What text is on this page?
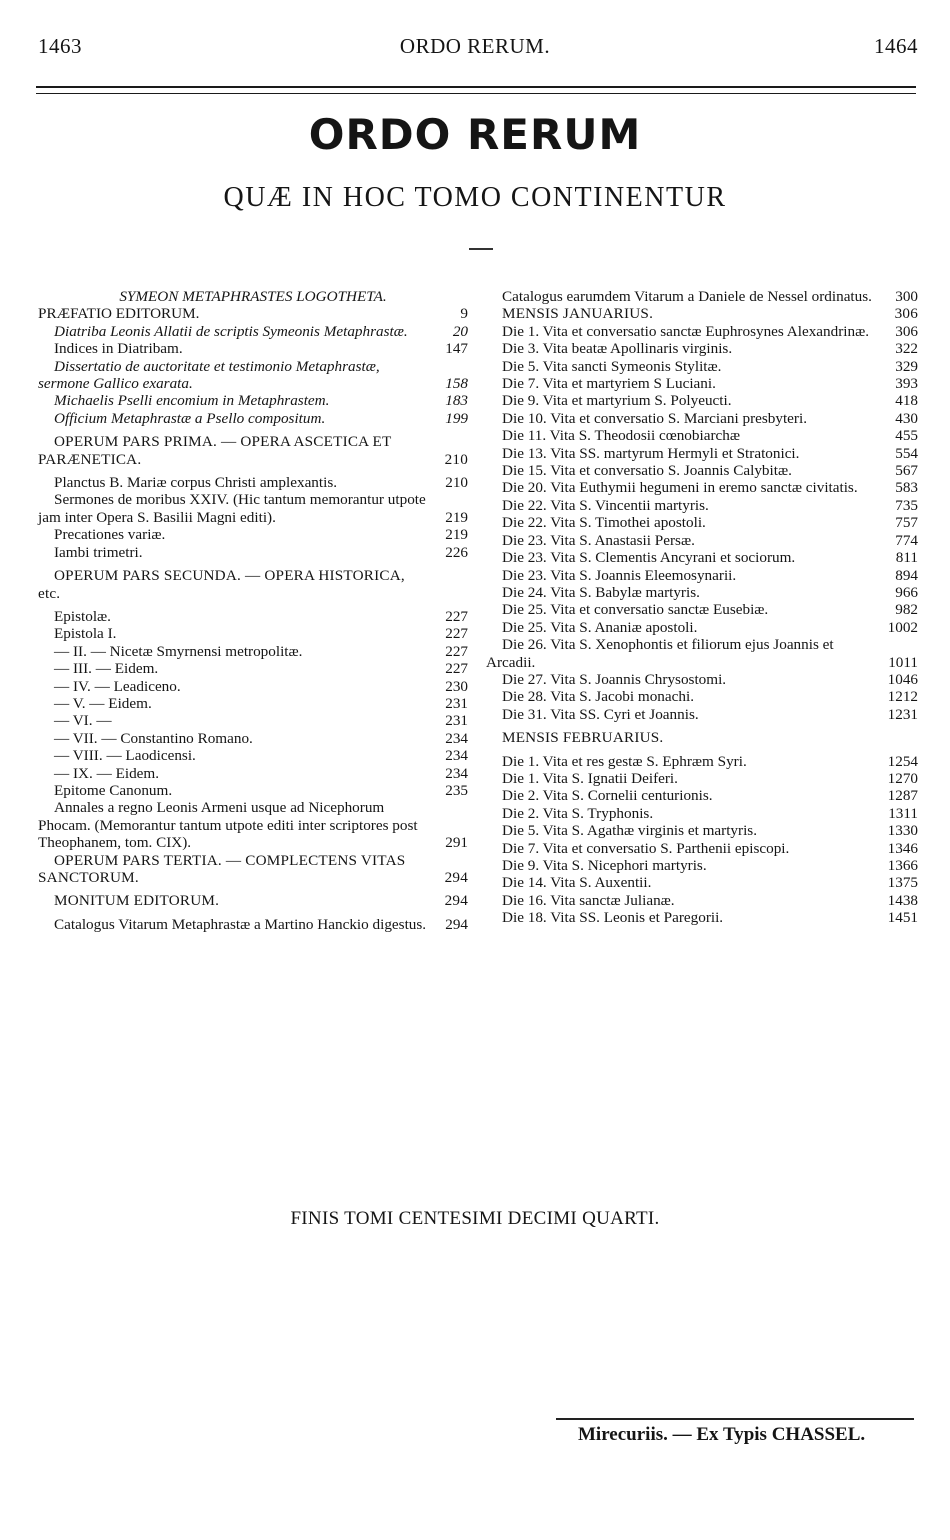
1463	ORDO RERUM.	1464
ORDO RERUM
QUÆ IN HOC TOMO CONTINENTUR
SYMEON METAPHRASTES LOGOTHETA.
PRÆFATIO EDITORUM.	9
Diatriba Leonis Allatii de scriptis Symeonis Metaphrastæ.	20
Indices in Diatribam.	147
Dissertatio de auctoritate et testimonio Metaphrastæ, sermone Gallico exarata.	158
Michaelis Pselli encomium in Metaphrastem.	183
Officium Metaphrastæ a Psello compositum.	199
OPERUM PARS PRIMA. — OPERA ASCETICA ET PARÆNETICA.	210
Planctus B. Mariæ corpus Christi amplexantis.	210
Sermones de moribus XXIV. (Hic tantum memorantur utpote jam inter Opera S. Basilii Magni editi).	219
Precationes variæ.	219
Iambi trimetri.	226
OPERUM PARS SECUNDA. — OPERA HISTORICA, etc.
Epistolæ.	227
Epistola I.	227
— II. — Nicetæ Smyrnensi metropolitæ.	227
— III. — Eidem.	227
— IV. — Leadiceno.	230
— V. — Eidem.	231
— VI. —	231
— VII. — Constantino Romano.	234
— VIII. — Laodicensi.	234
— IX. — Eidem.	234
Epitome Canonum.	235
Annales a regno Leonis Armeni usque ad Nicephorum Phocam. (Memorantur tantum utpote editi inter scriptores post Theophanem, tom. CIX).	291
OPERUM PARS TERTIA. — COMPLECTENS VITAS SANCTORUM.	294
MONITUM EDITORUM.	294
Catalogus Vitarum Metaphrastæ a Martino Hanckio digestus.	294
Catalogus earumdem Vitarum a Daniele de Nessel ordinatus.	300
MENSIS JANUARIUS.	306
Die 1. Vita et conversatio sanctæ Euphrosynes Alexandrinæ.	306
Die 3. Vita beatæ Apollinaris virginis.	322
Die 5. Vita sancti Symeonis Stylitæ.	329
Die 7. Vita et martyriem S Luciani.	393
Die 9. Vita et martyrium S. Polyeucti.	418
Die 10. Vita et conversatio S. Marciani presbyteri.	430
Die 11. Vita S. Theodosii cœnobiarchæ	455
Die 13. Vita SS. martyrum Hermyli et Stratonici.	554
Die 15. Vita et conversatio S. Joannis Calybitæ.	567
Die 20. Vita Euthymii hegumeni in eremo sanctæ civitatis.	583
Die 22. Vita S. Vincentii martyris.	735
Die 22. Vita S. Timothei apostoli.	757
Die 23. Vita S. Anastasii Persæ.	774
Die 23. Vita S. Clementis Ancyrani et sociorum.	811
Die 23. Vita S. Joannis Eleemosynarii.	894
Die 24. Vita S. Babylæ martyris.	966
Die 25. Vita et conversatio sanctæ Eusebiæ.	982
Die 25. Vita S. Ananiæ apostoli.	1002
Die 26. Vita S. Xenophontis et filiorum ejus Joannis et Arcadii.	1011
Die 27. Vita S. Joannis Chrysostomi.	1046
Die 28. Vita S. Jacobi monachi.	1212
Die 31. Vita SS. Cyri et Joannis.	1231
MENSIS FEBRUARIUS.
Die 1. Vita et res gestæ S. Ephræm Syri.	1254
Die 1. Vita S. Ignatii Deiferi.	1270
Die 2. Vita S. Cornelii centurionis.	1287
Die 2. Vita S. Tryphonis.	1311
Die 5. Vita S. Agathæ virginis et martyris.	1330
Die 7. Vita et conversatio S. Parthenii episcopi.	1346
Die 9. Vita S. Nicephori martyris.	1366
Die 14. Vita S. Auxentii.	1375
Die 16. Vita sanctæ Julianæ.	1438
Die 18. Vita SS. Leonis et Paregorii.	1451
FINIS TOMI CENTESIMI DECIMI QUARTI.
Mirecuriis. — Ex Typis CHASSEL.
